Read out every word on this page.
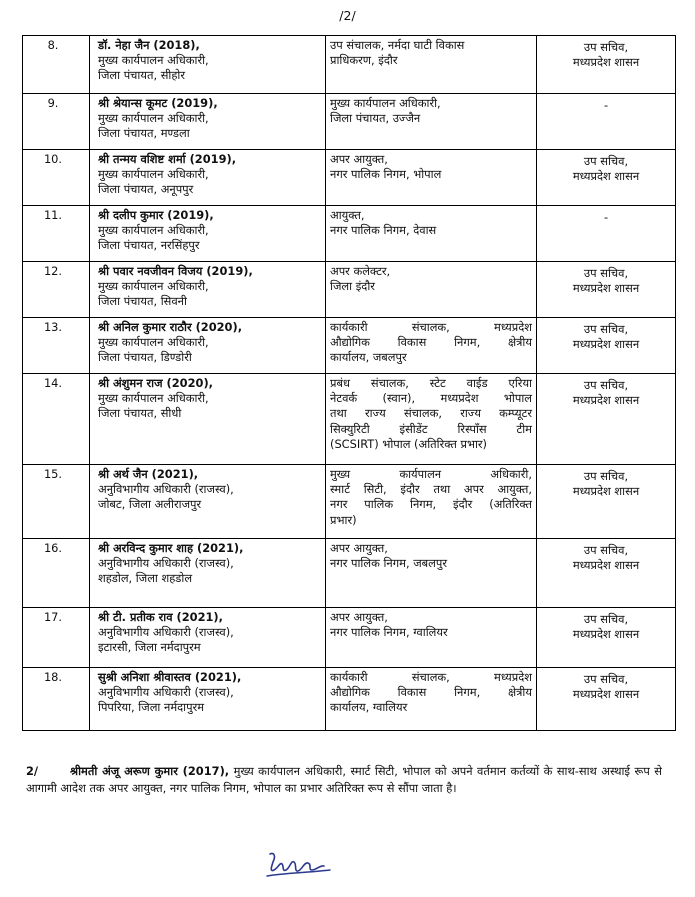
/2/
8.	डॉ. नेहा जैन (2018),
मुख्य कार्यपालन अधिकारी,
जिला पंचायत, सीहोर	उप संचालक, नर्मदा घाटी विकास
प्राधिकरण, इंदौर	उप सचिव,
मध्यप्रदेश शासन

9.	श्री श्रेयान्स कूमट (2019),
मुख्य कार्यपालन अधिकारी,
जिला पंचायत, मण्डला	मुख्य कार्यपालन अधिकारी,
जिला पंचायत, उज्जैन	-

10.	श्री तन्मय वशिष्ट शर्मा (2019),
मुख्य कार्यपालन अधिकारी,
जिला पंचायत, अनूपपुर	अपर आयुक्त,
नगर पालिक निगम, भोपाल	उप सचिव,
मध्यप्रदेश शासन

11.	श्री दलीप कुमार (2019),
मुख्य कार्यपालन अधिकारी,
जिला पंचायत, नरसिंहपुर	आयुक्त,
नगर पालिक निगम, देवास	-

12.	श्री पवार नवजीवन विजय (2019),
मुख्य कार्यपालन अधिकारी,
जिला पंचायत, सिवनी	अपर कलेक्टर,
जिला इंदौर	उप सचिव,
मध्यप्रदेश शासन

13.	श्री अनिल कुमार राठौर (2020),
मुख्य कार्यपालन अधिकारी,
जिला पंचायत, डिण्डोरी	कार्यकारी संचालक, मध्यप्रदेश
औद्योगिक विकास निगम, क्षेत्रीय
कार्यालय, जबलपुर	उप सचिव,
मध्यप्रदेश शासन

14.	श्री अंशुमन राज (2020),
मुख्य कार्यपालन अधिकारी,
जिला पंचायत, सीधी	प्रबंध संचालक, स्टेट वाईड एरिया
नेटवर्क (स्वान), मध्यप्रदेश भोपाल
तथा राज्य संचालक, राज्य कम्प्यूटर
सिक्युरिटी इंसीडेंट रिस्पाँस टीम
(SCSIRT) भोपाल (अतिरिक्त प्रभार)	उप सचिव,
मध्यप्रदेश शासन

15.	श्री अर्थ जैन (2021),
अनुविभागीय अधिकारी (राजस्व),
जोबट, जिला अलीराजपुर	मुख्य कार्यपालन अधिकारी,
स्मार्ट सिटी, इंदौर तथा अपर आयुक्त,
नगर पालिक निगम, इंदौर (अतिरिक्त
प्रभार)	उप सचिव,
मध्यप्रदेश शासन

16.	श्री अरविन्द कुमार शाह (2021),
अनुविभागीय अधिकारी (राजस्व),
शहडोल, जिला शहडोल	अपर आयुक्त,
नगर पालिक निगम, जबलपुर	उप सचिव,
मध्यप्रदेश शासन

17.	श्री टी. प्रतीक राव (2021),
अनुविभागीय अधिकारी (राजस्व),
इटारसी, जिला नर्मदापुरम	अपर आयुक्त,
नगर पालिक निगम, ग्वालियर	उप सचिव,
मध्यप्रदेश शासन

18.	सुश्री अनिशा श्रीवास्तव (2021),
अनुविभागीय अधिकारी (राजस्व),
पिपरिया, जिला नर्मदापुरम	कार्यकारी संचालक, मध्यप्रदेश
औद्योगिक विकास निगम, क्षेत्रीय
कार्यालय, ग्वालियर	उप सचिव,
मध्यप्रदेश शासन
2/	श्रीमती अंजू अरूण कुमार (2017), मुख्य कार्यपालन अधिकारी, स्मार्ट सिटी, भोपाल को अपने वर्तमान कर्तव्यों के साथ-साथ अस्थाई रूप से आगामी आदेश तक अपर आयुक्त, नगर पालिक निगम, भोपाल का प्रभार अतिरिक्त रूप से सौंपा जाता है।
